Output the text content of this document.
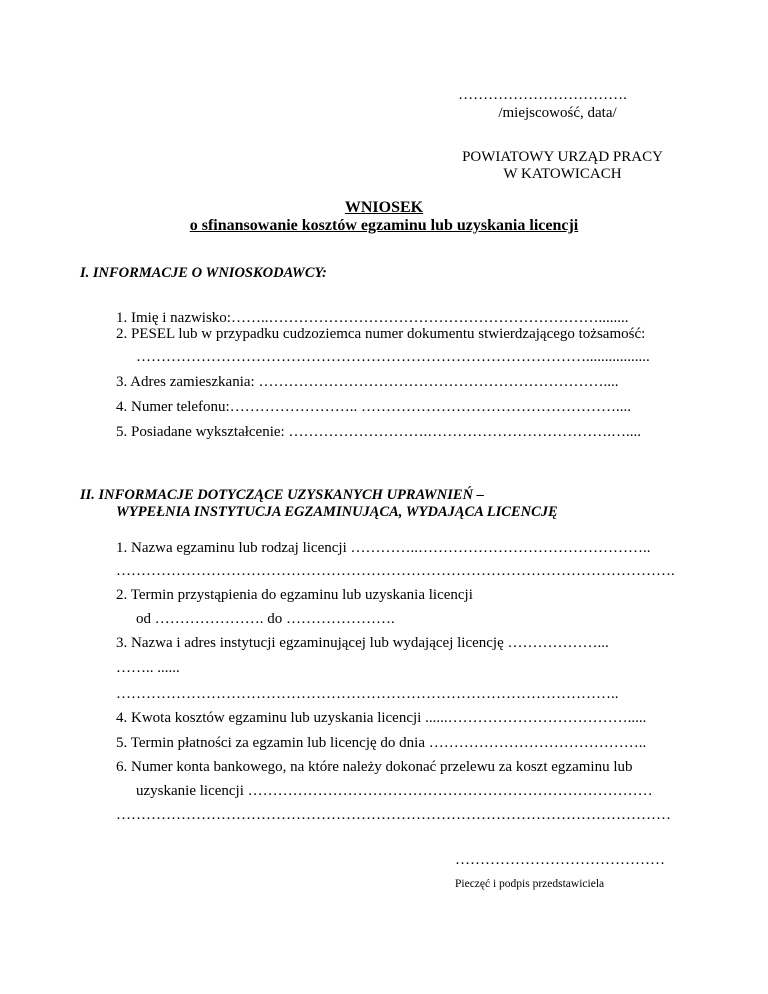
…………………………….
/miejscowość, data/
POWIATOWY URZĄD PRACY
W KATOWICACH
WNIOSEK
o sfinansowanie kosztów egzaminu lub uzyskania licencji
I. INFORMACJE O WNIOSKODAWCY:
1. Imię i nazwisko:……..…………………………………………………………........
2. PESEL lub w przypadku cudzoziemca numer dokumentu stwierdzającego tożsamość:
……………………………………………………………………………….................
3. Adres zamieszkania: ……………………………………………………………....
4. Numer telefonu:…………………….. ……………………………………………....
5. Posiadane wykształcenie: ……………………….……………………………….…....
II. INFORMACJE DOTYCZĄCE UZYSKANYCH UPRAWNIEŃ –
WYPEŁNIA INSTYTUCJA EGZAMINUJĄCA, WYDAJĄCA LICENCJĘ
1. Nazwa egzaminu lub rodzaj licencji …………..………………………………………..
………………………………………………………………………………………………….
2. Termin przystąpienia do egzaminu lub uzyskania licencji
od …………………. do ………………….
3. Nazwa i adres instytucji egzaminującej lub wydającej licencję ………………...
…….. ......
………………………………………………………………………………………..
4. Kwota kosztów egzaminu lub uzyskania licencji ......……………………………….....
5. Termin płatności za egzamin lub licencję do dnia ……………………………………..
6. Numer konta bankowego, na które należy dokonać przelewu za koszt egzaminu lub
uzyskanie licencji ………………………………………………………………………
…………………………………………………………………………………………………
……………………………………
Pieczęć i podpis przedstawiciela
